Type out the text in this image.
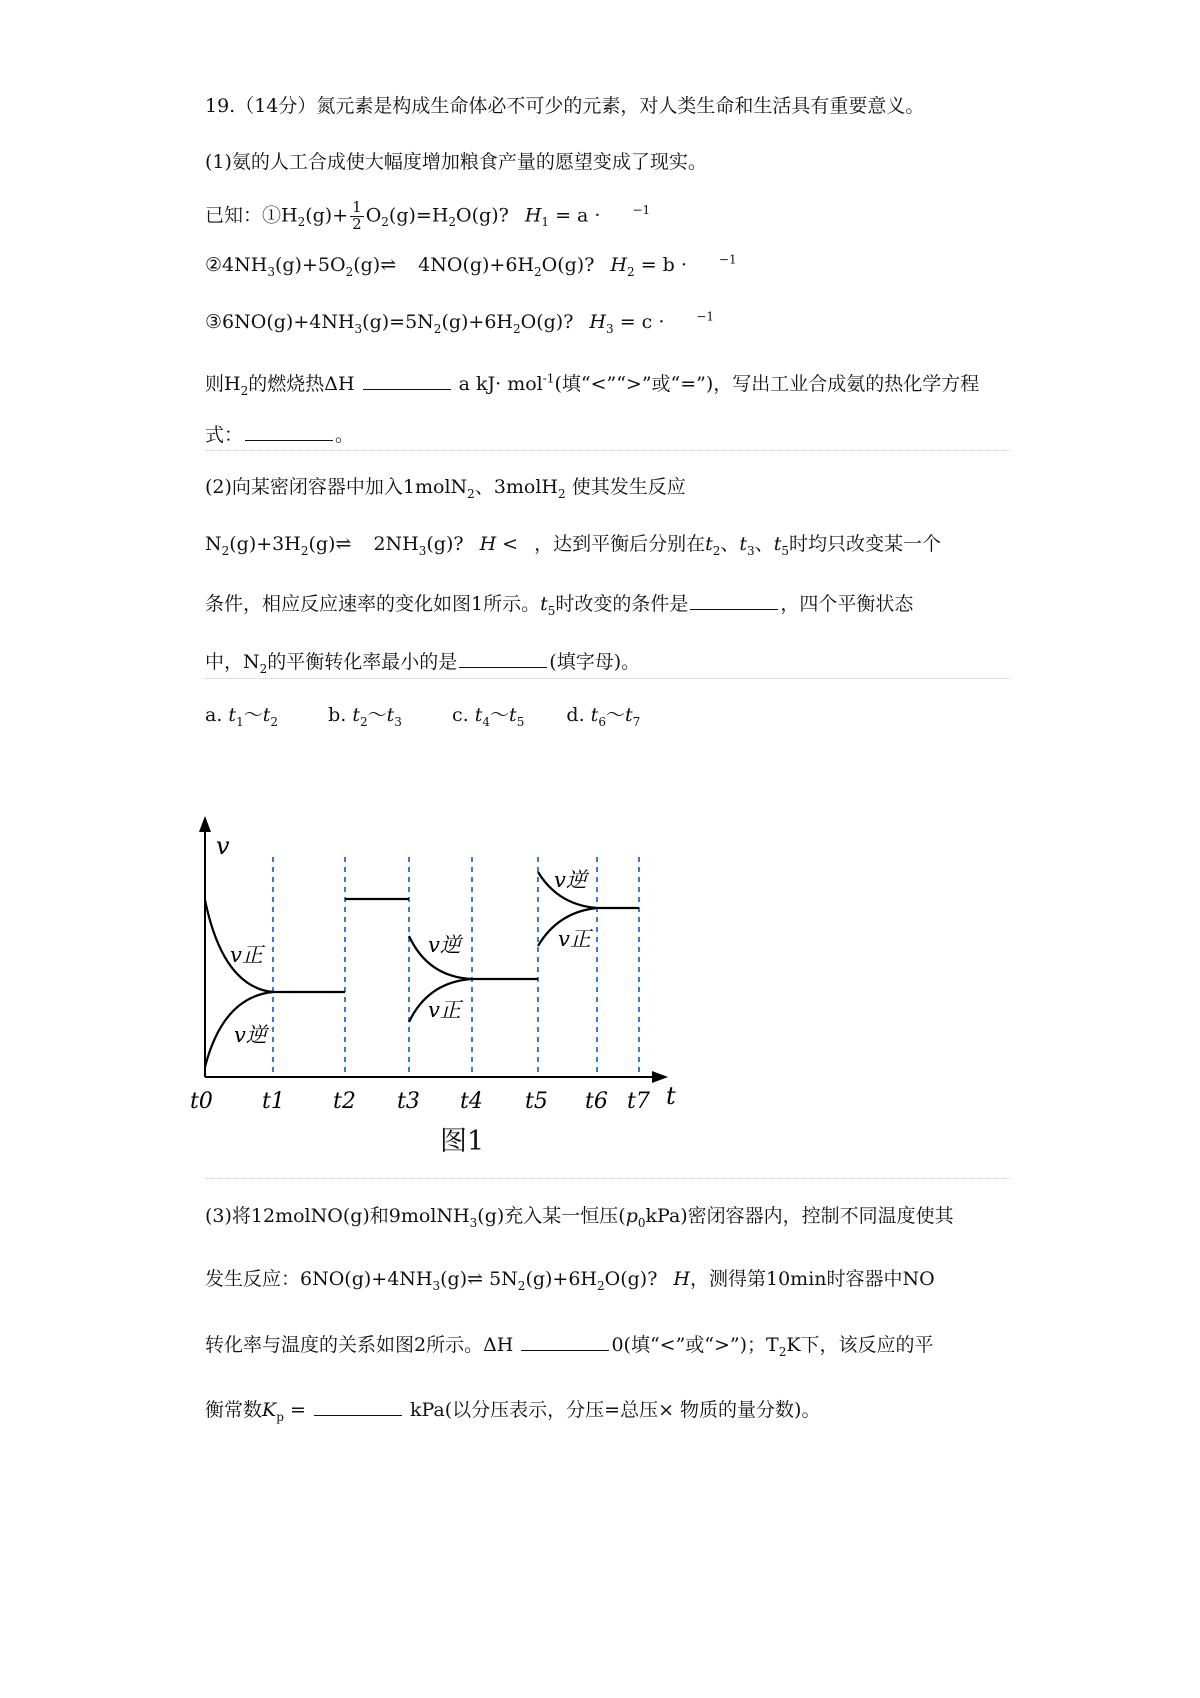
19.（14分）氮元素是构成生命体必不可少的元素，对人类生命和生活具有重要意义。
(1)氨的人工合成使大幅度增加粮食产量的愿望变成了现实。
已知：$①H_2(g)+ \frac{1}{2} O_2(g)=H_2O(g)$? $H_1 = a$ ·	$^{-1}$
$②4NH_3(g)+5O_2(g)\rightleftharpoons$ $4NO(g)+6H_2O(g)$? $H_2 = b$ ·	$^{-1}$
$③6NO(g)+4NH_3(g)=5N_2(g)+6H_2O(g)$? $H_3 = c$ ·	$^{-1}$
则$H_2$的燃烧热ΔH	a kJ· mol$^{-1}$(填“<”“>”或“=”)，写出工业合成氨的热化学方程
式：	。
(2)向某密闭容器中加入1molN$_2$、3molH$_2$ 使其发生反应
$N_2(g)+3H_2(g)\rightleftharpoons$ $2NH_3(g)$? H < ，达到平衡后分别在$t_2$、$t_3$、$t_5$时均只改变某一个
条件，相应反应速率的变化如图1所示。$t_5$时改变的条件是	，四个平衡状态
中，$N_2$的平衡转化率最小的是	(填字母)。
a. $t_1\sim t_2$	b. $t_2\sim t_3$	c. $t_4\sim t_5$ d. $t_6\sim t_7$
v
t
v正
v逆
v逆
v正
v逆
v正
t0 t1 t2 t3 t4 t5 t6 t7
图1
(3)将12molNO(g)和9molNH$_3$(g)充入某一恒压$(p_0kPa)$密闭容器内，控制不同温度使其
发生反应：$6NO(g)+4NH_3(g)\rightleftharpoons$ $5N_2(g)+6H_2O(g)$? H，测得第10min时容器中NO
转化率与温度的关系如图2所示。ΔH	0(填“<”或“>”)；$T_2K$下，该反应的平
衡常数$K_p$ =	kPa(以分压表示，分压=总压× 物质的量分数)。
